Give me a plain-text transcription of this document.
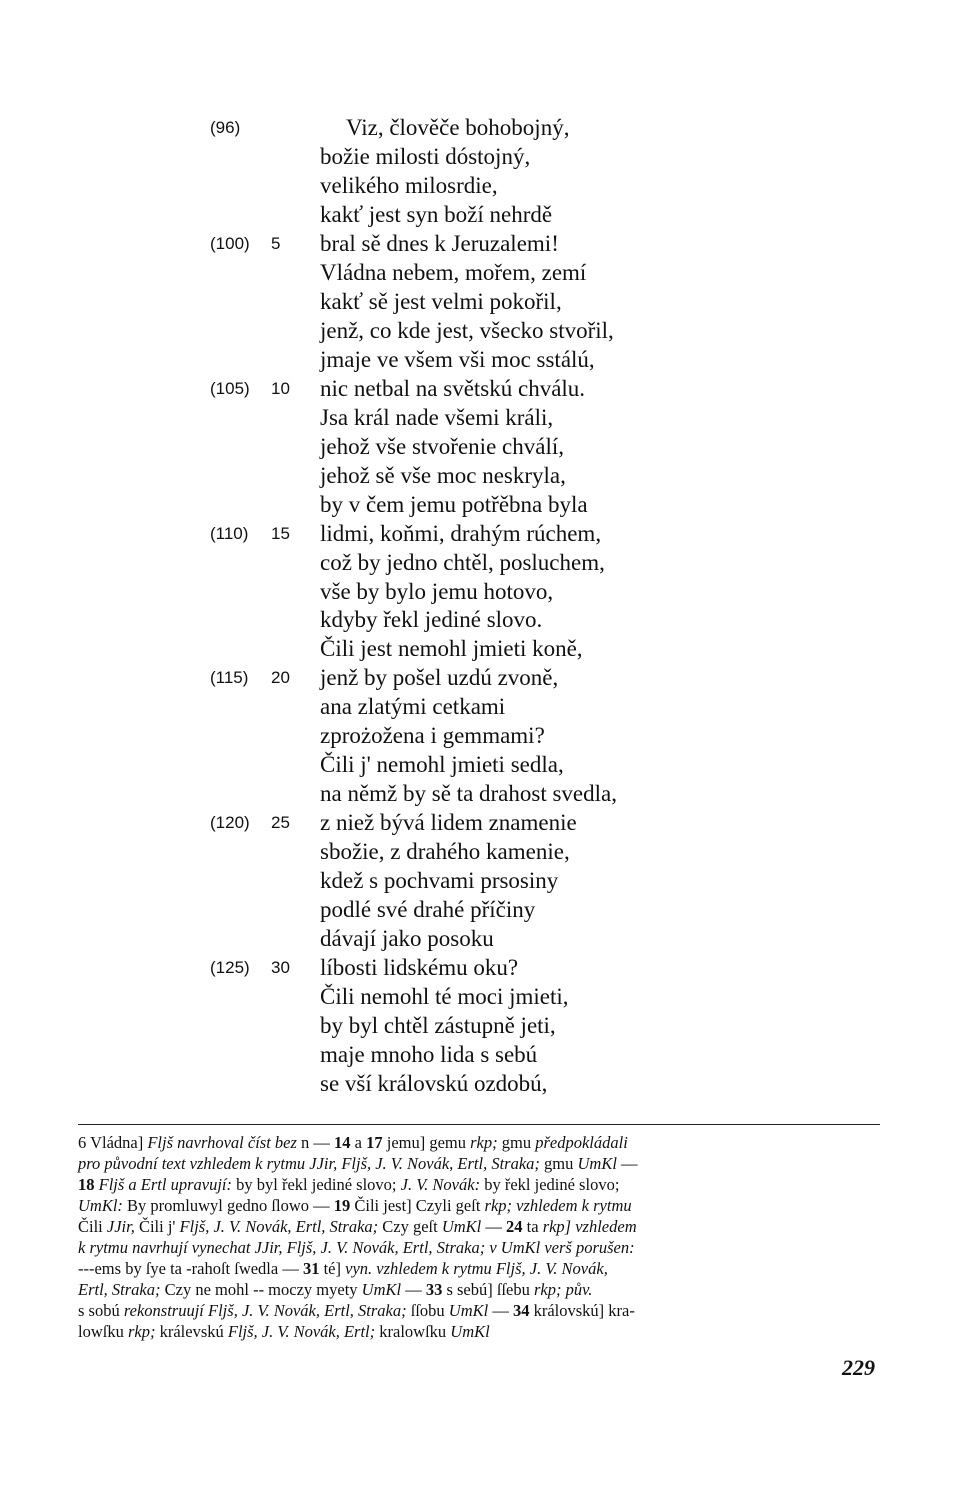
(96)	Viz, člověče bohobojný,
božie milosti dóstojný,
velikého milosrdie,
kakť jest syn boží nehrdě
(100) 5 bral sě dnes k Jeruzalemi!
Vládna nebem, mořem, zemí
kakť sě jest velmi pokořil,
jenž, co kde jest, všecko stvořil,
jmaje ve všem vši moc sstálú,
(105) 10 nic netbal na světskú chválu.
Jsa král nade všemi králi,
jehož vše stvořenie chválí,
jehož sě vše moc neskryla,
by v čem jemu potřěbna byla
(110) 15 lidmi, koňmi, drahým rúchem,
což by jedno chtěl, posluchem,
vše by bylo jemu hotovo,
kdyby řekl jediné slovo.
Čili jest nemohl jmieti koně,
(115) 20 jenž by pošel uzdú zvoně,
ana zlatými cetkami
zprożožena i gemmami?
Čili j' nemohl jmieti sedla,
na němž by sě ta drahost svedla,
(120) 25 z niež bývá lidem znamenie
sbožie, z drahého kamenie,
kdež s pochvami prsosiny
podlé své drahé příčiny
dávají jako posoku
(125) 30 líbosti lidskému oku?
Čili nemohl té moci jmieti,
by byl chtěl zástupně jeti,
maje mnoho lida s sebú
se vší královskú ozdobú,
6 Vládna] Fljš navrhoval číst bez n — 14 a 17 jemu] gemu rkp; gmu předpokládali
pro původní text vzhledem k rytmu JJir, Fljš, J. V. Novák, Ertl, Straka; gmu UmKl —
18 Fljš a Ertl upravují: by byl řekl jediné slovo; J. V. Novák: by řekl jediné slovo;
UmKl: By promluwyl gedno ſlowo — 19 Čili jest] Czyli geſt rkp; vzhledem k rytmu
Čili JJir, Čili j' Fljš, J. V. Novák, Ertl, Straka; Czy geſt UmKl — 24 ta rkp] vzhledem
k rytmu navrhují vynechat JJir, Fljš, J. V. Novák, Ertl, Straka; v UmKl verš porušen:
---ems by ſye ta -rahoſt ſwedla — 31 té] vyn. vzhledem k rytmu Fljš, J. V. Novák,
Ertl, Straka; Czy ne mohl -- moczy myety UmKl — 33 s sebú] ſſebu rkp; pův.
s sobú rekonstruují Fljš, J. V. Novák, Ertl, Straka; ſſobu UmKl — 34 královskú] kra-
lowſku rkp; králevskú Fljš, J. V. Novák, Ertl; kralowſku UmKl
229
